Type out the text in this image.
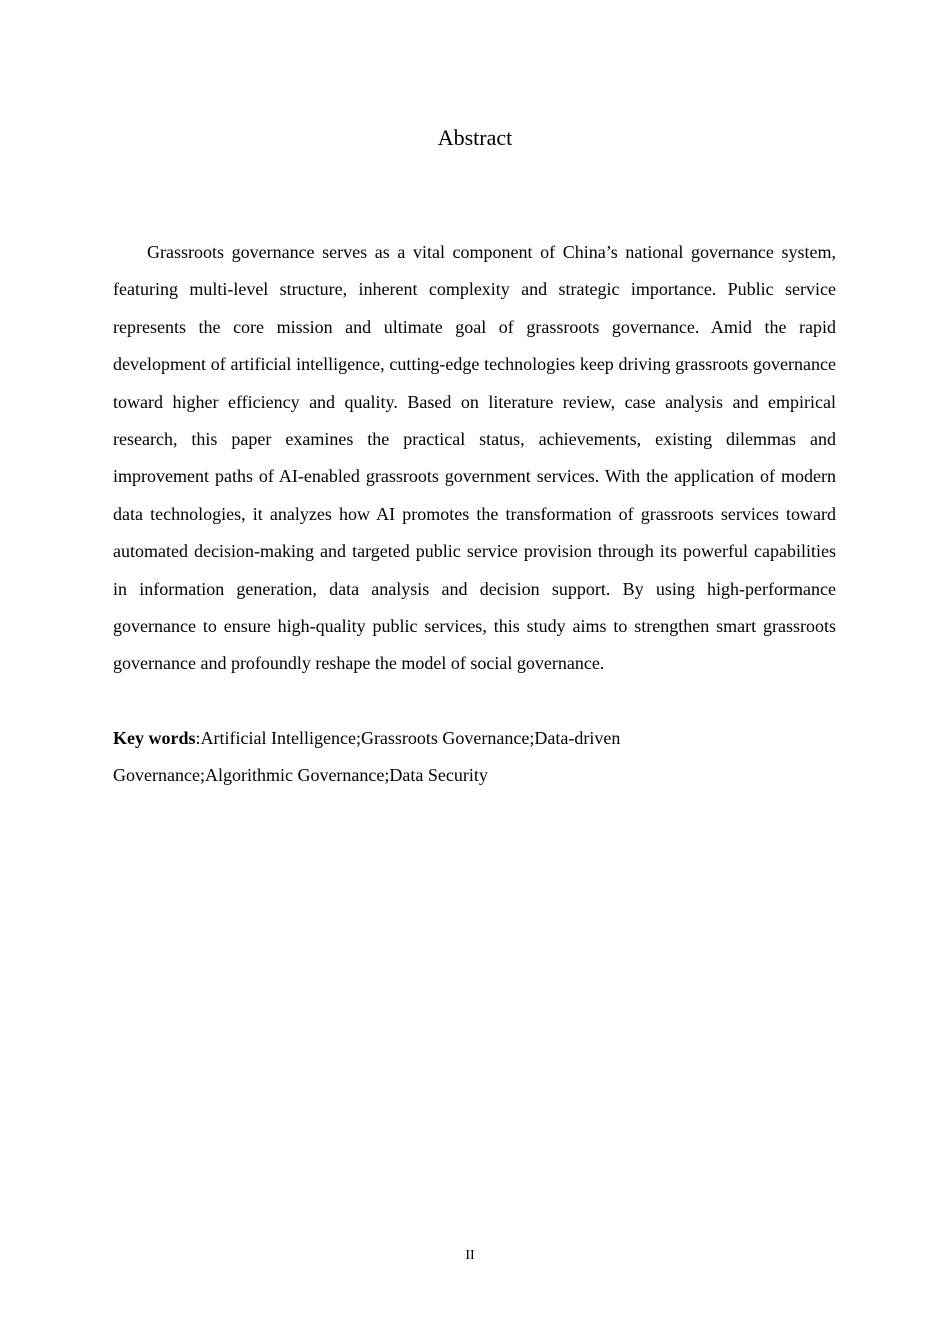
Abstract

Grassroots governance serves as a vital component of China’s national governance system, featuring multi-level structure, inherent complexity and strategic importance. Public service represents the core mission and ultimate goal of grassroots governance. Amid the rapid development of artificial intelligence, cutting-edge technologies keep driving grassroots governance toward higher efficiency and quality. Based on literature review, case analysis and empirical research, this paper examines the practical status, achievements, existing dilemmas and improvement paths of AI-enabled grassroots government services. With the application of modern data technologies, it analyzes how AI promotes the transformation of grassroots services toward automated decision-making and targeted public service provision through its powerful capabilities in information generation, data analysis and decision support. By using high-performance governance to ensure high-quality public services, this study aims to strengthen smart grassroots governance and profoundly reshape the model of social governance.

Key words:Artificial Intelligence;Grassroots Governance;Data-driven Governance;Algorithmic Governance;Data Security

II
